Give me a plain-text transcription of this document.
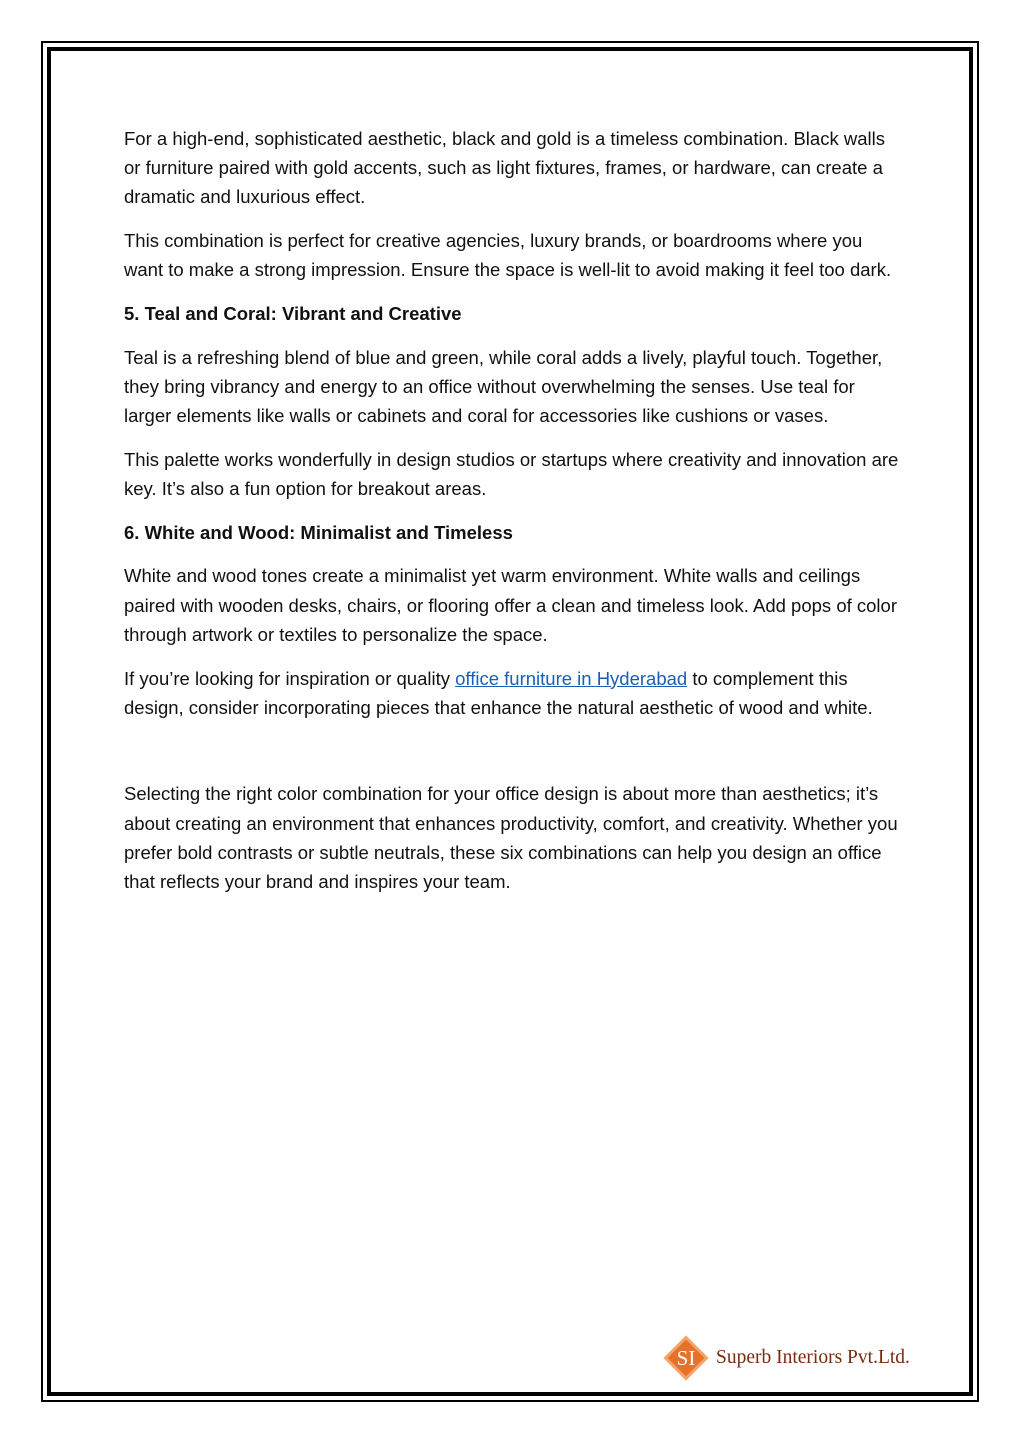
For a high-end, sophisticated aesthetic, black and gold is a timeless combination. Black walls or furniture paired with gold accents, such as light fixtures, frames, or hardware, can create a dramatic and luxurious effect.

This combination is perfect for creative agencies, luxury brands, or boardrooms where you want to make a strong impression. Ensure the space is well-lit to avoid making it feel too dark.

5. Teal and Coral: Vibrant and Creative

Teal is a refreshing blend of blue and green, while coral adds a lively, playful touch. Together, they bring vibrancy and energy to an office without overwhelming the senses. Use teal for larger elements like walls or cabinets and coral for accessories like cushions or vases.

This palette works wonderfully in design studios or startups where creativity and innovation are key. It’s also a fun option for breakout areas.

6. White and Wood: Minimalist and Timeless

White and wood tones create a minimalist yet warm environment. White walls and ceilings paired with wooden desks, chairs, or flooring offer a clean and timeless look. Add pops of color through artwork or textiles to personalize the space.

If you’re looking for inspiration or quality office furniture in Hyderabad to complement this design, consider incorporating pieces that enhance the natural aesthetic of wood and white.

Selecting the right color combination for your office design is about more than aesthetics; it’s about creating an environment that enhances productivity, comfort, and creativity. Whether you prefer bold contrasts or subtle neutrals, these six combinations can help you design an office that reflects your brand and inspires your team.

SI Superb Interiors Pvt.Ltd.
